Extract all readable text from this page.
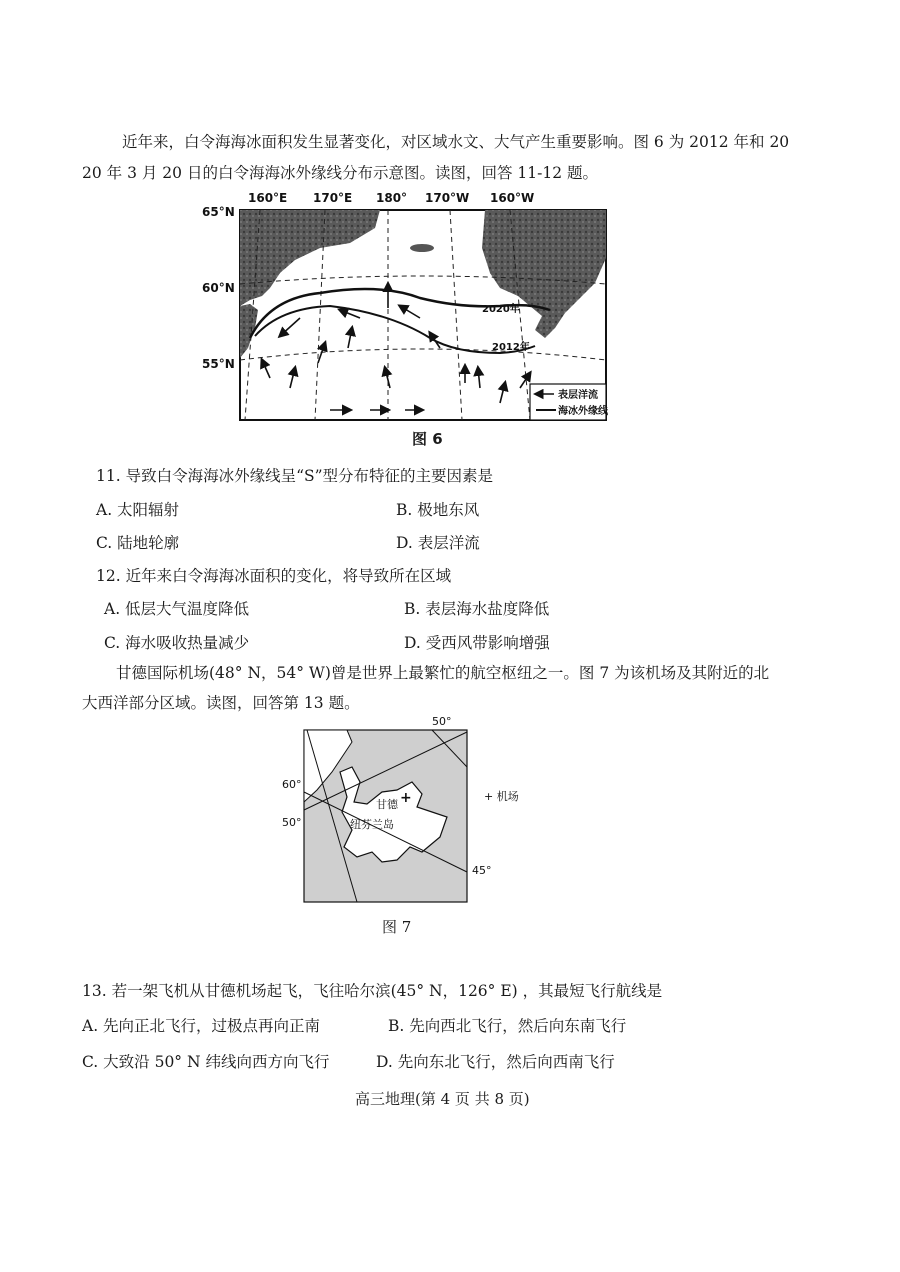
近年来，白令海海冰面积发生显著变化，对区域水文、大气产生重要影响。图 6 为 2012 年和 20
20 年 3 月 20 日的白令海海冰外缘线分布示意图。读图，回答 11-12 题。
160°E 170°E 180° 170°W 160°W
65°N
60°N
55°N
2020年
2012年
表层洋流
海冰外缘线
图 6
11. 导致白令海海冰外缘线呈“S”型分布特征的主要因素是
A. 太阳辐射	B. 极地东风
C. 陆地轮廓	D. 表层洋流
12. 近年来白令海海冰面积的变化，将导致所在区域
A. 低层大气温度降低	B. 表层海水盐度降低
C. 海水吸收热量减少	D. 受西风带影响增强
甘德国际机场(48° N，54° W)曾是世界上最繁忙的航空枢纽之一。图 7 为该机场及其附近的北
大西洋部分区域。读图，回答第 13 题。
50°
60°
50°
45°
+
甘德
纽芬兰岛
+ 机场
图 7
13. 若一架飞机从甘德机场起飞，飞往哈尔滨(45° N，126° E) ，其最短飞行航线是
A. 先向正北飞行，过极点再向正南	B. 先向西北飞行，然后向东南飞行
C. 大致沿 50° N 纬线向西方向飞行	D. 先向东北飞行，然后向西南飞行
高三地理(第 4 页 共 8 页)
